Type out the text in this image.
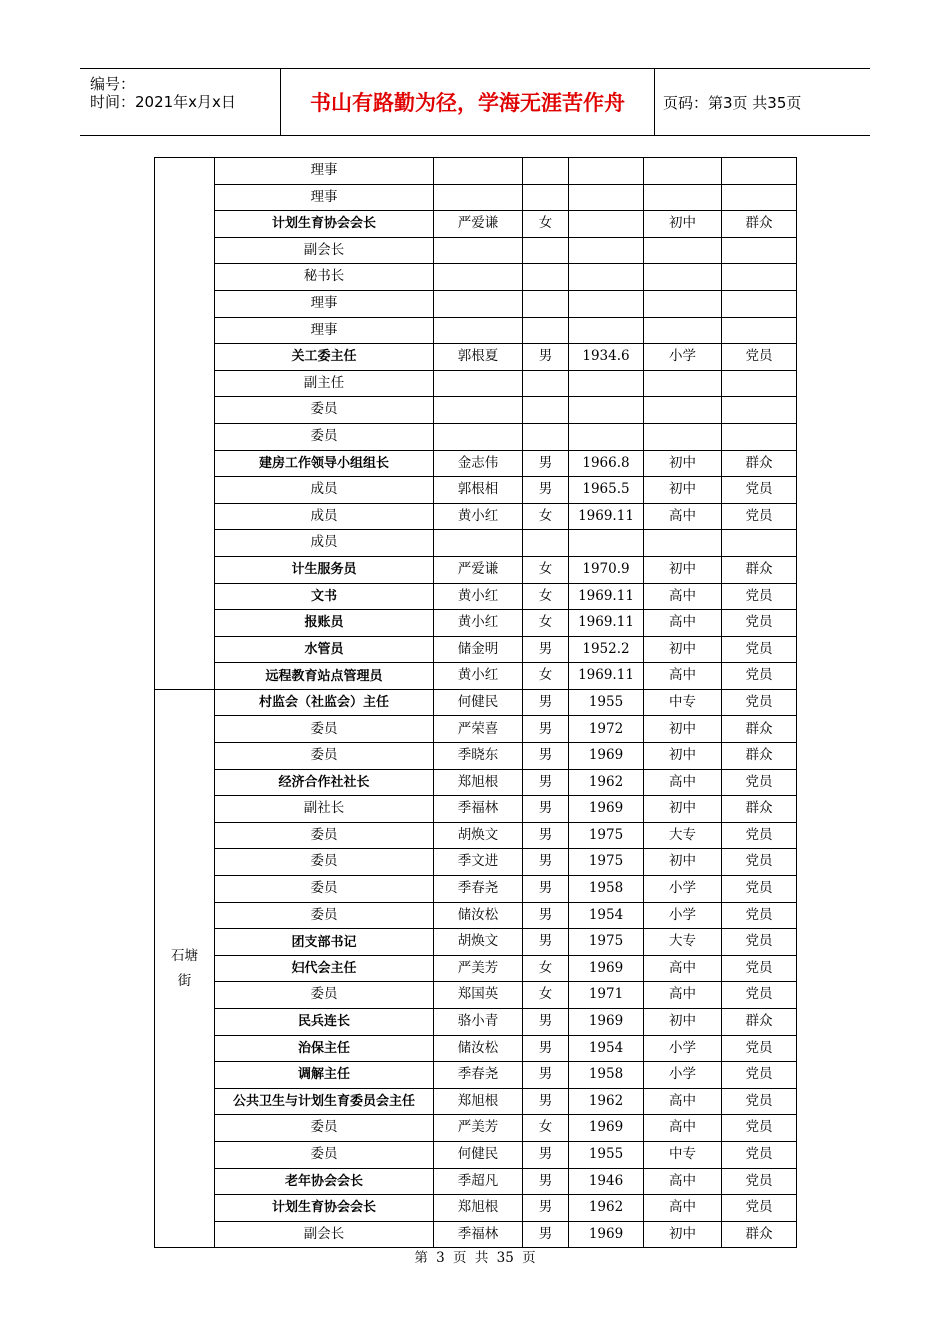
编号：
时间：2021年x月x日	书山有路勤为径，学海无涯苦作舟	页码：第3页 共35页
	理事					
	理事					
	计划生育协会会长	严爱谦	女		初中	群众
	副会长					
	秘书长					
	理事					
	理事					
	关工委主任	郭根夏	男	1934.6	小学	党员
	副主任					
	委员					
	委员					
	建房工作领导小组组长	金志伟	男	1966.8	初中	群众
	成员	郭根相	男	1965.5	初中	党员
	成员	黄小红	女	1969.11	高中	党员
	成员					
	计生服务员	严爱谦	女	1970.9	初中	群众
	文书	黄小红	女	1969.11	高中	党员
	报账员	黄小红	女	1969.11	高中	党员
	水管员	储金明	男	1952.2	初中	党员
	远程教育站点管理员	黄小红	女	1969.11	高中	党员

石塘
街	村监会（社监会）主任	何健民	男	1955	中专	党员
	委员	严荣喜	男	1972	初中	群众
	委员	季晓东	男	1969	初中	群众
	经济合作社社长	郑旭根	男	1962	高中	党员
	副社长	季福林	男	1969	初中	群众
	委员	胡焕文	男	1975	大专	党员
	委员	季文进	男	1975	初中	党员
	委员	季春尧	男	1958	小学	党员
	委员	储汝松	男	1954	小学	党员
	团支部书记	胡焕文	男	1975	大专	党员
	妇代会主任	严美芳	女	1969	高中	党员
	委员	郑国英	女	1971	高中	党员
	民兵连长	骆小青	男	1969	初中	群众
	治保主任	储汝松	男	1954	小学	党员
	调解主任	季春尧	男	1958	小学	党员
	公共卫生与计划生育委员会主任	郑旭根	男	1962	高中	党员
	委员	严美芳	女	1969	高中	党员
	委员	何健民	男	1955	中专	党员
	老年协会会长	季超凡	男	1946	高中	党员
	计划生育协会会长	郑旭根	男	1962	高中	党员
	副会长	季福林	男	1969	初中	群众
第 3 页 共 35 页
